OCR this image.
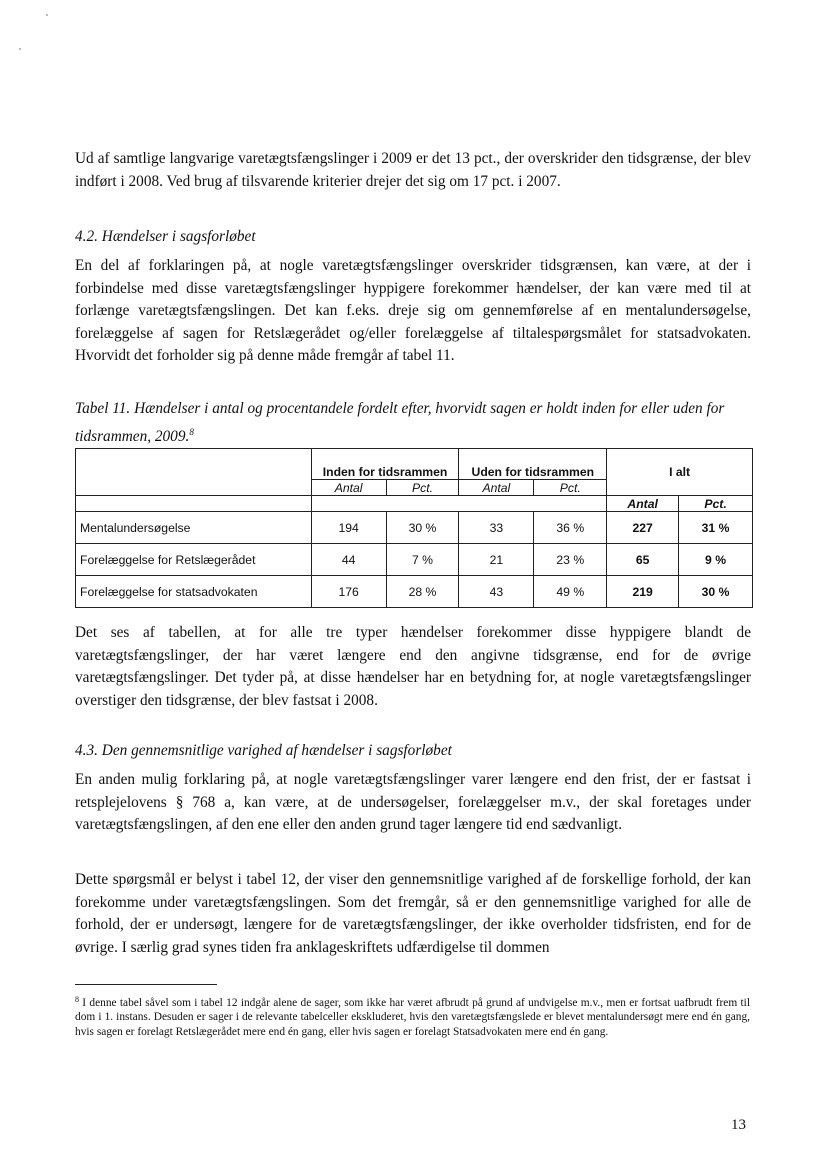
Ud af samtlige langvarige varetægtsfængslinger i 2009 er det 13 pct., der overskrider den tidsgrænse, der blev indført i 2008. Ved brug af tilsvarende kriterier drejer det sig om 17 pct. i 2007.

4.2. Hændelser i sagsforløbet

En del af forklaringen på, at nogle varetægtsfængslinger overskrider tidsgrænsen, kan være, at der i forbindelse med disse varetægtsfængslinger hyppigere forekommer hændelser, der kan være med til at forlænge varetægtsfængslingen. Det kan f.eks. dreje sig om gennemførelse af en mentalundersøgelse, forelæggelse af sagen for Retslægerådet og/eller forelæggelse af tiltalespørgsmålet for statsadvokaten. Hvorvidt det forholder sig på denne måde fremgår af tabel 11.

Tabel 11. Hændelser i antal og procentandele fordelt efter, hvorvidt sagen er holdt inden for eller uden for tidsrammen, 2009.$^8$

	Inden for tidsrammen		Uden for tidsrammen		I alt	
	Antal	Pct.	Antal	Pct.		
					Antal	Pct.
Mentalundersøgelse	194	30 %	33	36 %	227	31 %
Forelæggelse for Retslægerådet	44	7 %	21	23 %	65	9 %
Forelæggelse for statsadvokaten	176	28 %	43	49 %	219	30 %

Det ses af tabellen, at for alle tre typer hændelser forekommer disse hyppigere blandt de varetægtsfængslinger, der har været længere end den angivne tidsgrænse, end for de øvrige varetægtsfængslinger. Det tyder på, at disse hændelser har en betydning for, at nogle varetægtsfængslinger overstiger den tidsgrænse, der blev fastsat i 2008.

4.3. Den gennemsnitlige varighed af hændelser i sagsforløbet

En anden mulig forklaring på, at nogle varetægtsfængslinger varer længere end den frist, der er fastsat i retsplejelovens § 768 a, kan være, at de undersøgelser, forelæggelser m.v., der skal foretages under varetægtsfængslingen, af den ene eller den anden grund tager længere tid end sædvanligt.

Dette spørgsmål er belyst i tabel 12, der viser den gennemsnitlige varighed af de forskellige forhold, der kan forekomme under varetægtsfængslingen. Som det fremgår, så er den gennemsnitlige varighed for alle de forhold, der er undersøgt, længere for de varetægtsfængslinger, der ikke overholder tidsfristen, end for de øvrige. I særlig grad synes tiden fra anklageskriftets udfærdigelse til dommen

$^8$ I denne tabel såvel som i tabel 12 indgår alene de sager, som ikke har været afbrudt på grund af undvigelse m.v., men er fortsat uafbrudt frem til dom i 1. instans. Desuden er sager i de relevante tabelceller ekskluderet, hvis den varetægtsfængslede er blevet mentalundersøgt mere end én gang, hvis sagen er forelagt Retslægerådet mere end én gang, eller hvis sagen er forelagt Statsadvokaten mere end én gang.

13
